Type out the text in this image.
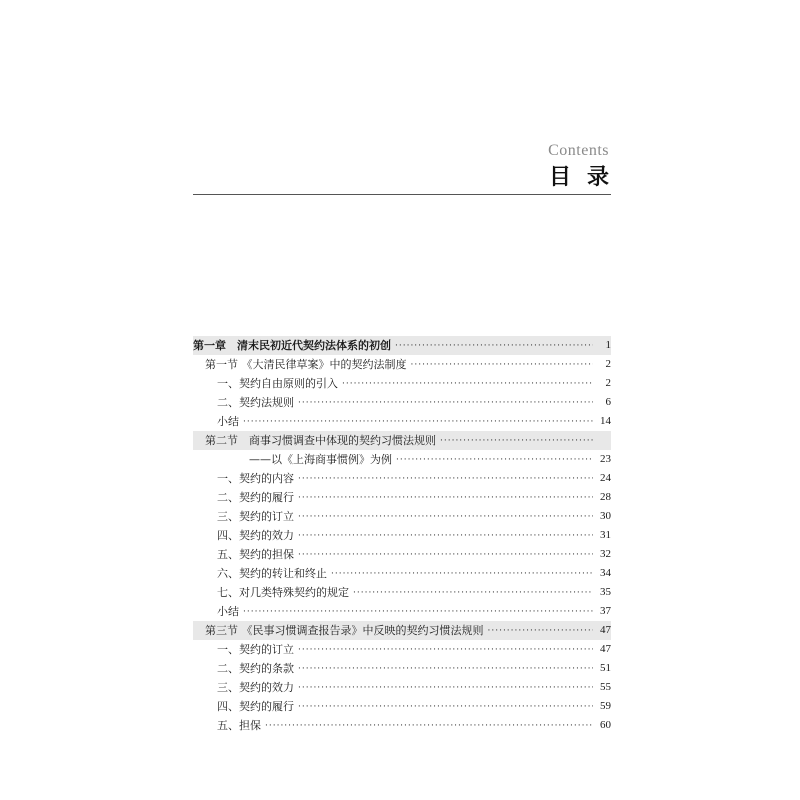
Contents
目录
第一章　清末民初近代契约法体系的初创 ·····	1
第一节 《大清民律草案》中的契约法制度 ·····	2
一、契约自由原则的引入 ·····	2
二、契约法规则 ·····	6
小结 ·····	14
第二节　商事习惯调查中体现的契约习惯法规则
·····
——以《上海商事惯例》为例 ·····	23
一、契约的内容 ·····	24
二、契约的履行 ·····	28
三、契约的订立 ·····	30
四、契约的效力 ·····	31
五、契约的担保 ·····	32
六、契约的转让和终止 ·····	34
七、对几类特殊契约的规定 ·····	35
小结 ·····	37
第三节 《民事习惯调查报告录》中反映的契约习惯法规则 ·····	47
一、契约的订立 ·····	47
二、契约的条款 ·····	51
三、契约的效力 ·····	55
四、契约的履行 ·····	59
五、担保 ·····	60
